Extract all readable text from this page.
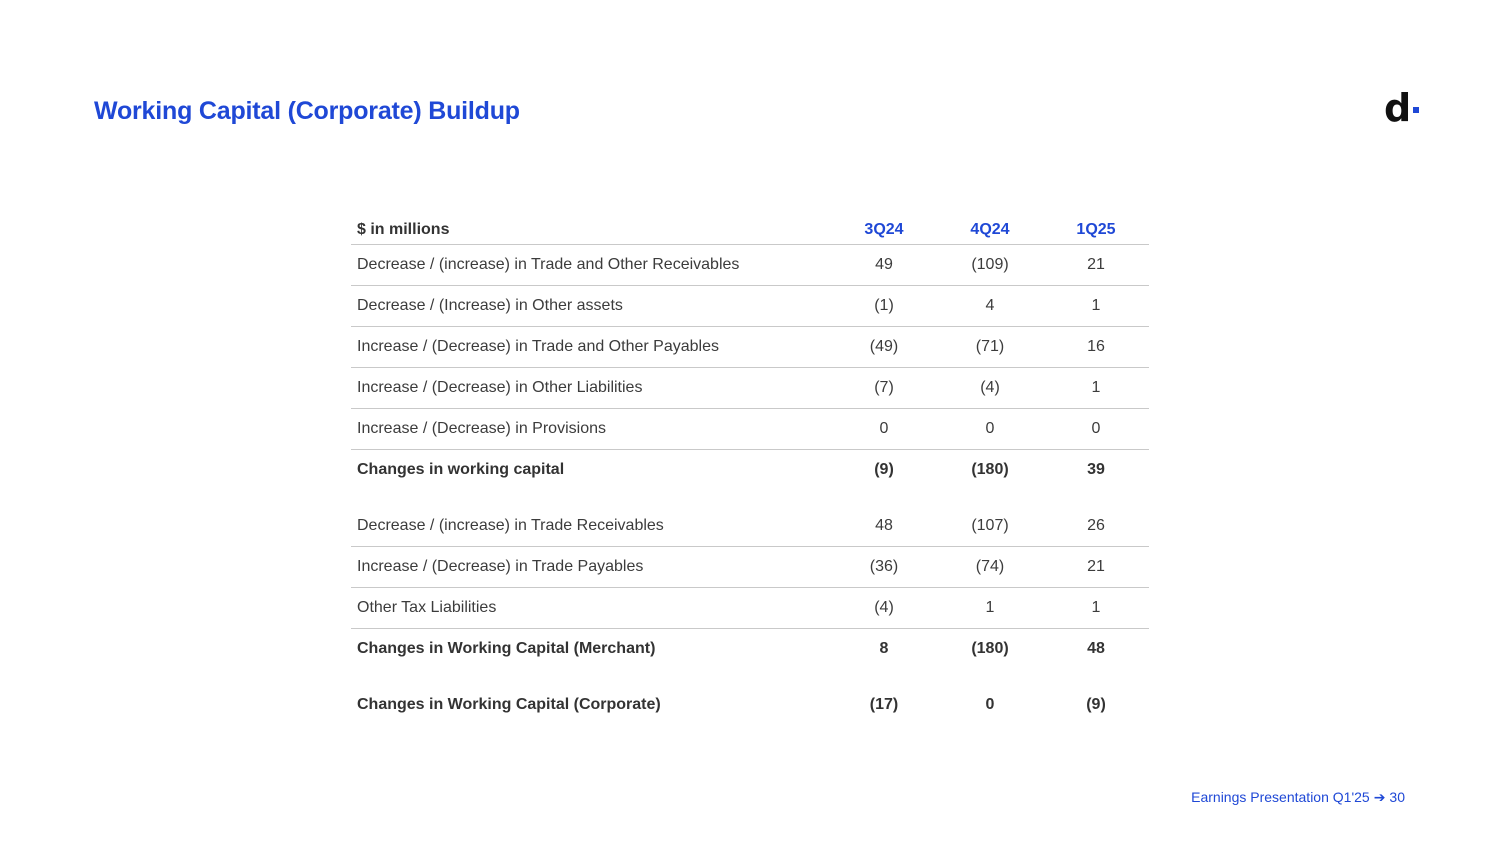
Working Capital (Corporate) Buildup	d
$ in millions	3Q24	4Q24	1Q25
Decrease / (increase) in Trade and Other Receivables	49	(109)	21
Decrease / (Increase) in Other assets	(1)	4	1
Increase / (Decrease) in Trade and Other Payables	(49)	(71)	16
Increase / (Decrease) in Other Liabilities	(7)	(4)	1
Increase / (Decrease) in Provisions	0	0	0
Changes in working capital	(9)	(180)	39

Decrease / (increase) in Trade Receivables	48	(107)	26
Increase / (Decrease) in Trade Payables	(36)	(74)	21
Other Tax Liabilities	(4)	1	1
Changes in Working Capital (Merchant)	8	(180)	48

Changes in Working Capital (Corporate)	(17)	0	(9)
Earnings Presentation Q1'25 ➔ 30
